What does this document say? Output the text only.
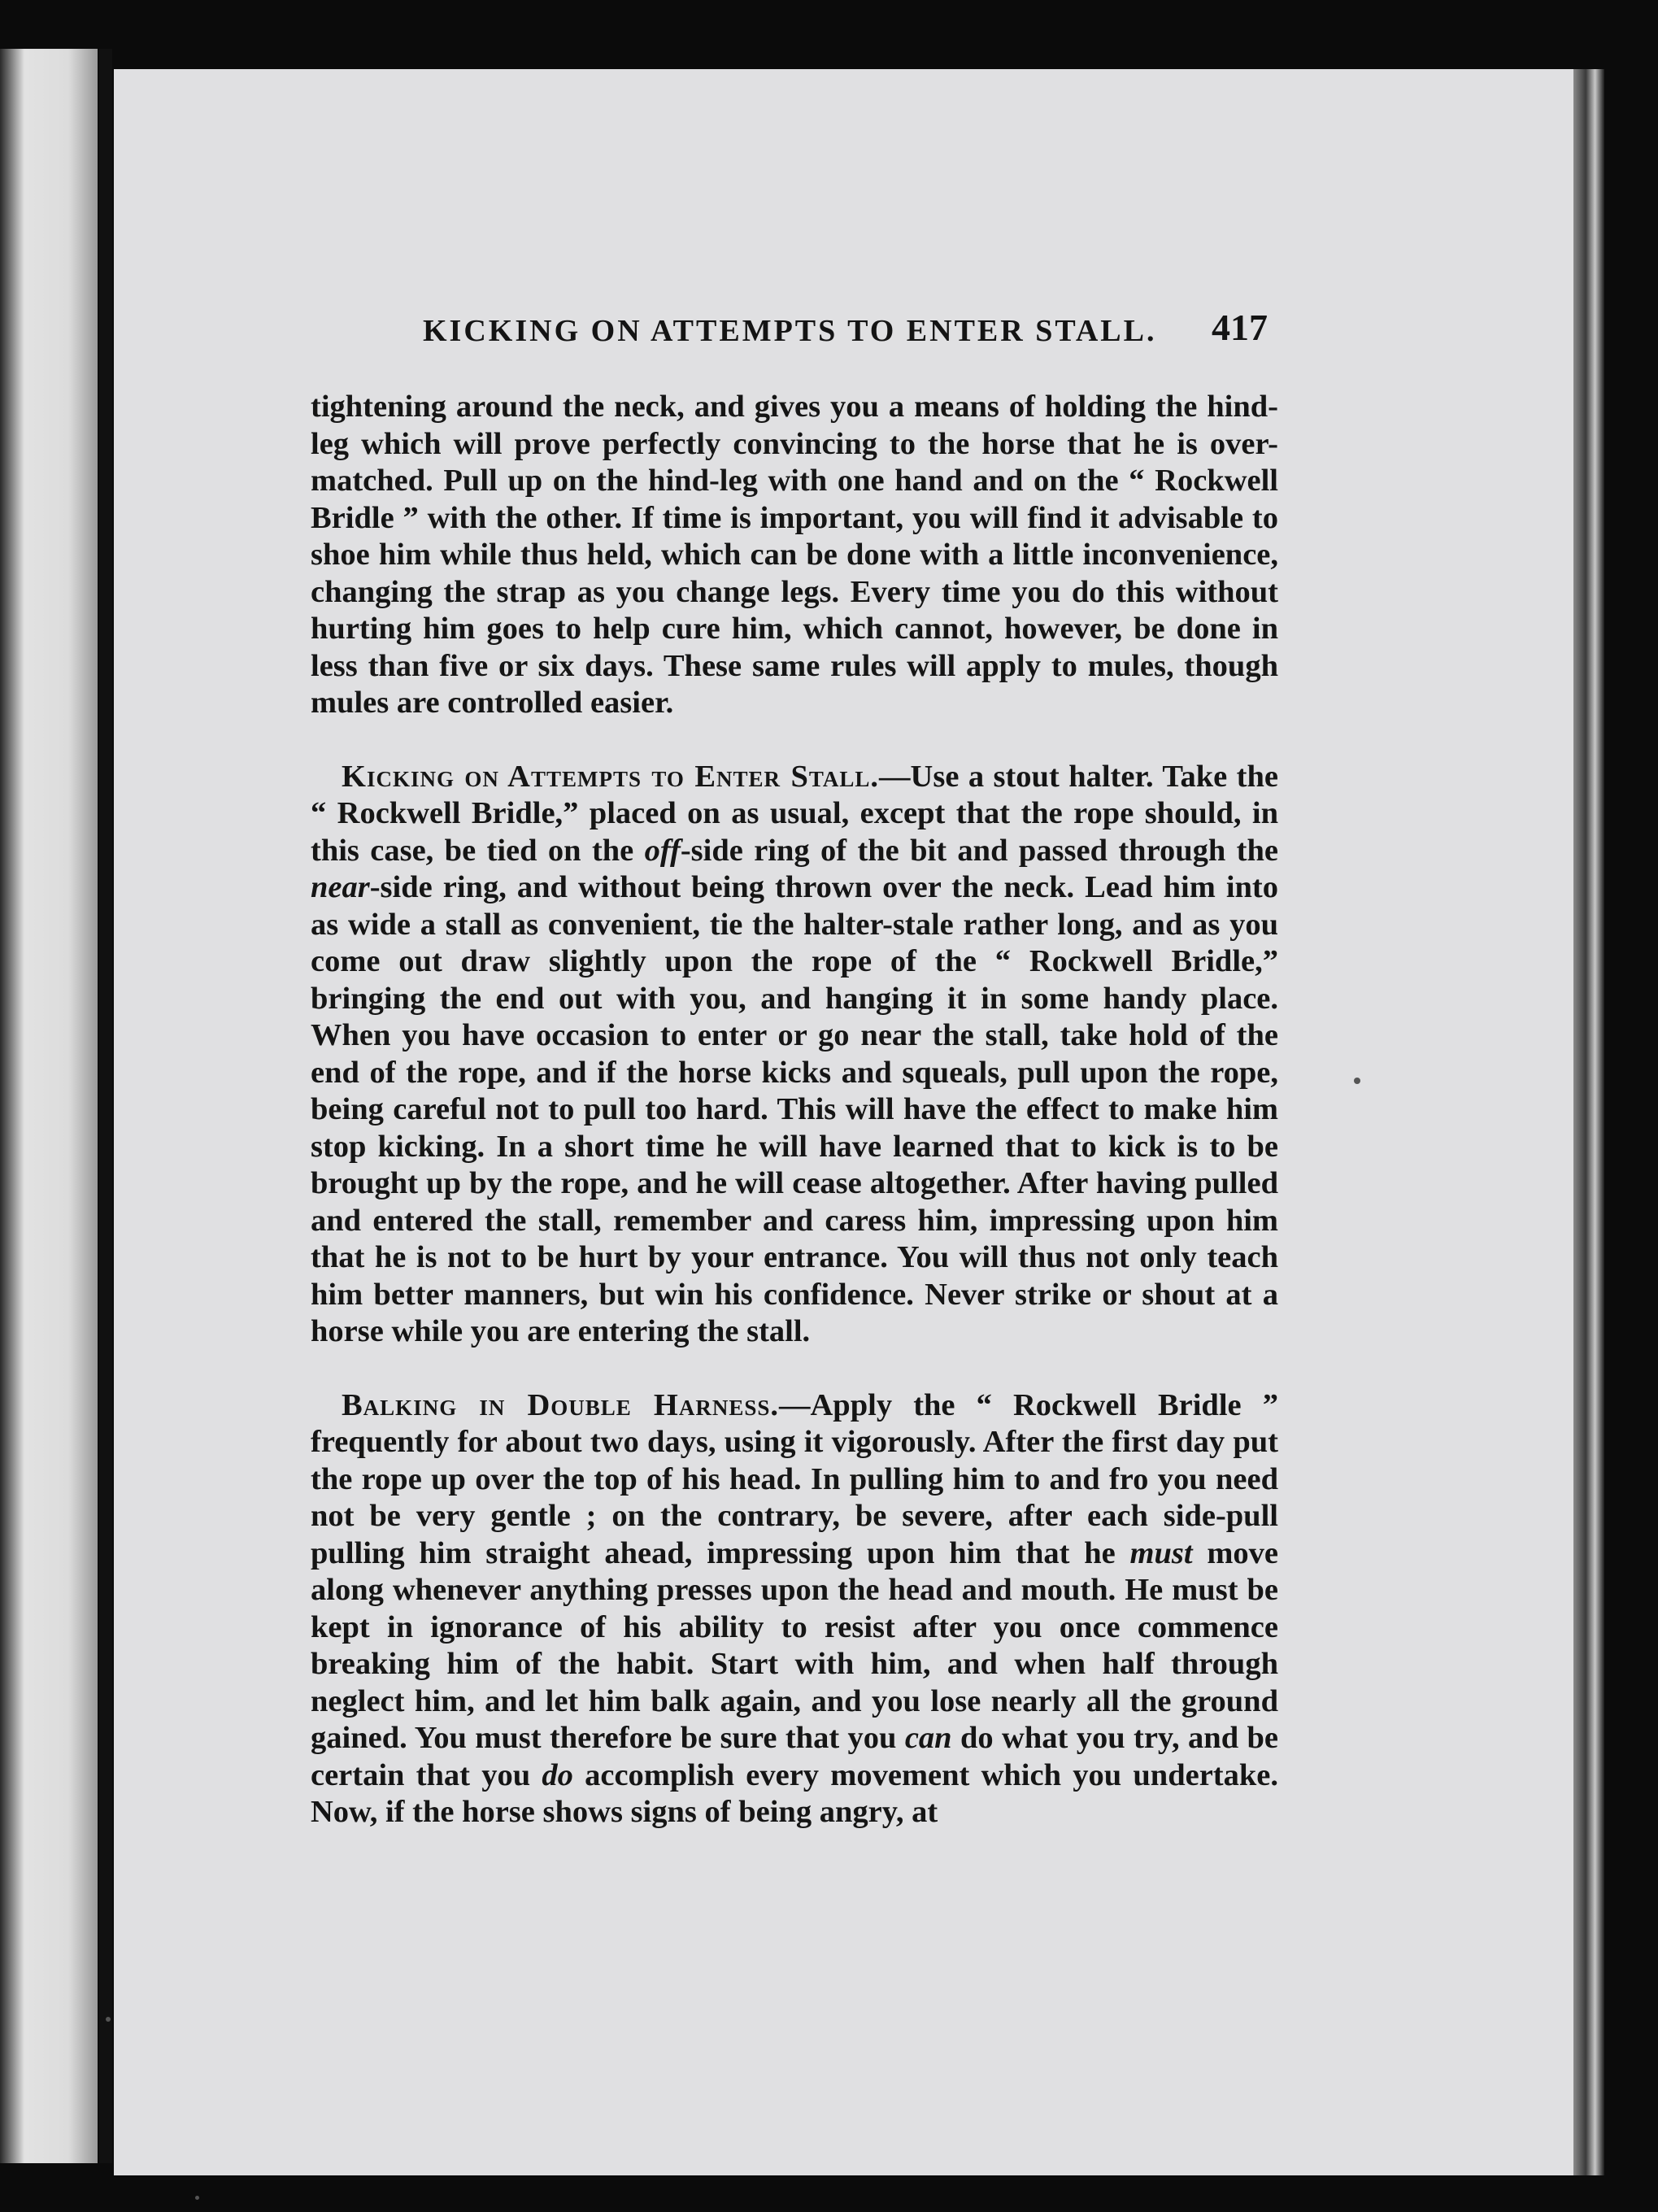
KICKING ON ATTEMPTS TO ENTER STALL.	417

tightening around the neck, and gives you a means of holding the hind-leg which will prove perfectly convincing to the horse that he is over-matched. Pull up on the hind-leg with one hand and on the “ Rockwell Bridle ” with the other. If time is important, you will find it advisable to shoe him while thus held, which can be done with a little inconvenience, changing the strap as you change legs. Every time you do this without hurting him goes to help cure him, which cannot, however, be done in less than five or six days. These same rules will apply to mules, though mules are controlled easier.

Kicking on Attempts to Enter Stall.—Use a stout halter. Take the “ Rockwell Bridle,” placed on as usual, except that the rope should, in this case, be tied on the off-side ring of the bit and passed through the near-side ring, and without being thrown over the neck. Lead him into as wide a stall as convenient, tie the halter-stale rather long, and as you come out draw slightly upon the rope of the “ Rockwell Bridle,” bringing the end out with you, and hanging it in some handy place. When you have occasion to enter or go near the stall, take hold of the end of the rope, and if the horse kicks and squeals, pull upon the rope, being careful not to pull too hard. This will have the effect to make him stop kicking. In a short time he will have learned that to kick is to be brought up by the rope, and he will cease altogether. After having pulled and entered the stall, remember and caress him, impressing upon him that he is not to be hurt by your entrance. You will thus not only teach him better manners, but win his confidence. Never strike or shout at a horse while you are entering the stall.

Balking in Double Harness.—Apply the “ Rockwell Bridle ” frequently for about two days, using it vigorously. After the first day put the rope up over the top of his head. In pulling him to and fro you need not be very gentle ; on the contrary, be severe, after each side-pull pulling him straight ahead, impressing upon him that he must move along whenever anything presses upon the head and mouth. He must be kept in ignorance of his ability to resist after you once commence breaking him of the habit. Start with him, and when half through neglect him, and let him balk again, and you lose nearly all the ground gained. You must therefore be sure that you can do what you try, and be certain that you do accomplish every movement which you undertake. Now, if the horse shows signs of being angry, at
